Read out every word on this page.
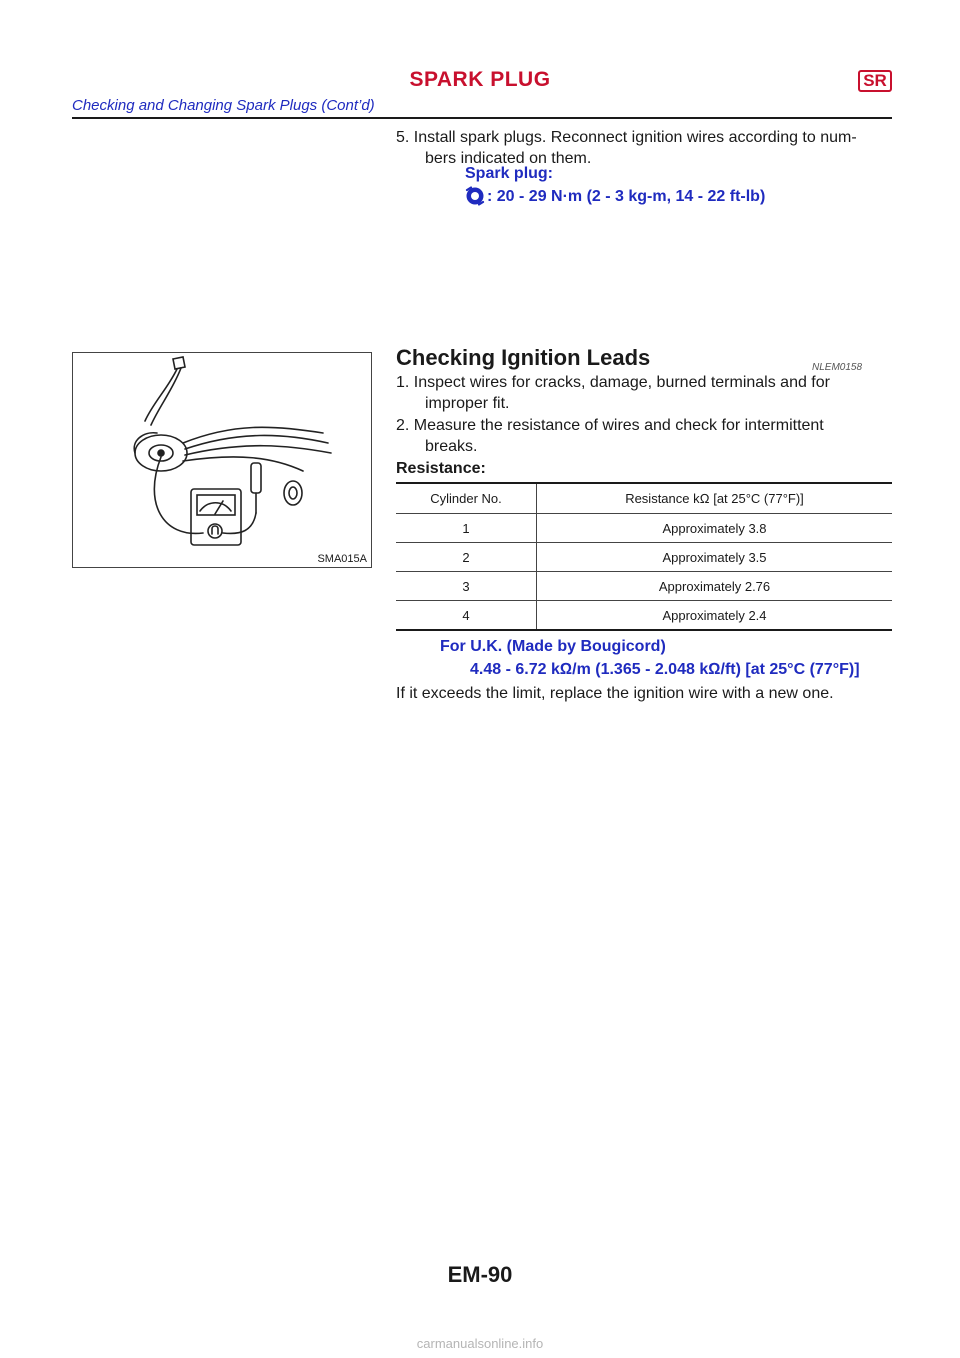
SPARK PLUG	SR
Checking and Changing Spark Plugs (Cont’d)
5. Install spark plugs. Reconnect ignition wires according to num-
bers indicated on them.
Spark plug:
: 20 - 29 N·m (2 - 3 kg-m, 14 - 22 ft-lb)
SMA015A
Checking Ignition Leads	NLEM0158
1. Inspect wires for cracks, damage, burned terminals and for
improper fit.
2. Measure the resistance of wires and check for intermittent
breaks.
Resistance:
Cylinder No.	Resistance kΩ [at 25°C (77°F)]
1	Approximately 3.8
2	Approximately 3.5
3	Approximately 2.76
4	Approximately 2.4
For U.K. (Made by Bougicord)
4.48 - 6.72 kΩ/m (1.365 - 2.048 kΩ/ft) [at 25°C (77°F)]
If it exceeds the limit, replace the ignition wire with a new one.
EM-90
carmanualsonline.info
